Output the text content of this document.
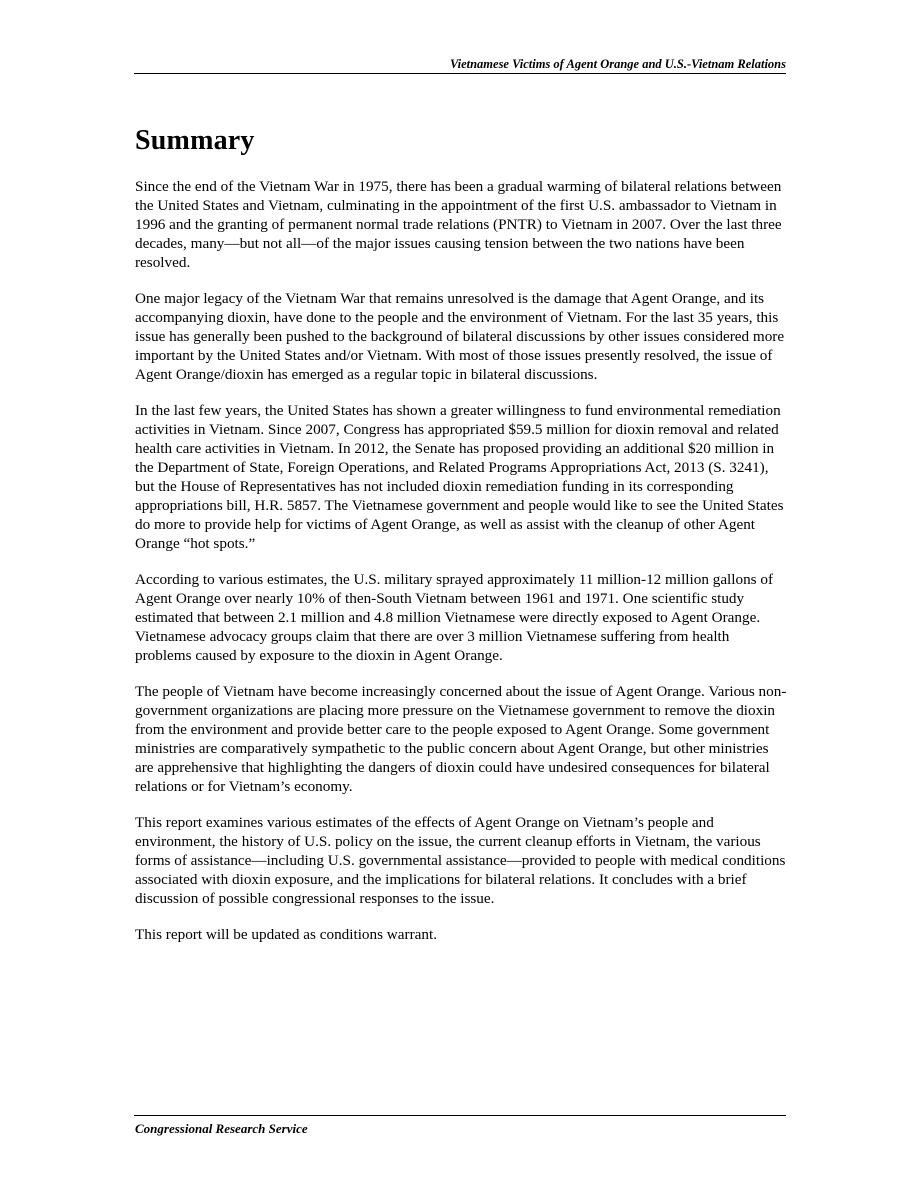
Vietnamese Victims of Agent Orange and U.S.-Vietnam Relations
Summary

Since the end of the Vietnam War in 1975, there has been a gradual warming of bilateral relations between the United States and Vietnam, culminating in the appointment of the first U.S. ambassador to Vietnam in 1996 and the granting of permanent normal trade relations (PNTR) to Vietnam in 2007. Over the last three decades, many—but not all—of the major issues causing tension between the two nations have been resolved.

One major legacy of the Vietnam War that remains unresolved is the damage that Agent Orange, and its accompanying dioxin, have done to the people and the environment of Vietnam. For the last 35 years, this issue has generally been pushed to the background of bilateral discussions by other issues considered more important by the United States and/or Vietnam. With most of those issues presently resolved, the issue of Agent Orange/dioxin has emerged as a regular topic in bilateral discussions.

In the last few years, the United States has shown a greater willingness to fund environmental remediation activities in Vietnam. Since 2007, Congress has appropriated $59.5 million for dioxin removal and related health care activities in Vietnam. In 2012, the Senate has proposed providing an additional $20 million in the Department of State, Foreign Operations, and Related Programs Appropriations Act, 2013 (S. 3241), but the House of Representatives has not included dioxin remediation funding in its corresponding appropriations bill, H.R. 5857. The Vietnamese government and people would like to see the United States do more to provide help for victims of Agent Orange, as well as assist with the cleanup of other Agent Orange “hot spots.”

According to various estimates, the U.S. military sprayed approximately 11 million-12 million gallons of Agent Orange over nearly 10% of then-South Vietnam between 1961 and 1971. One scientific study estimated that between 2.1 million and 4.8 million Vietnamese were directly exposed to Agent Orange. Vietnamese advocacy groups claim that there are over 3 million Vietnamese suffering from health problems caused by exposure to the dioxin in Agent Orange.

The people of Vietnam have become increasingly concerned about the issue of Agent Orange. Various non-government organizations are placing more pressure on the Vietnamese government to remove the dioxin from the environment and provide better care to the people exposed to Agent Orange. Some government ministries are comparatively sympathetic to the public concern about Agent Orange, but other ministries are apprehensive that highlighting the dangers of dioxin could have undesired consequences for bilateral relations or for Vietnam’s economy.

This report examines various estimates of the effects of Agent Orange on Vietnam’s people and environment, the history of U.S. policy on the issue, the current cleanup efforts in Vietnam, the various forms of assistance—including U.S. governmental assistance—provided to people with medical conditions associated with dioxin exposure, and the implications for bilateral relations. It concludes with a brief discussion of possible congressional responses to the issue.

This report will be updated as conditions warrant.

Congressional Research Service
